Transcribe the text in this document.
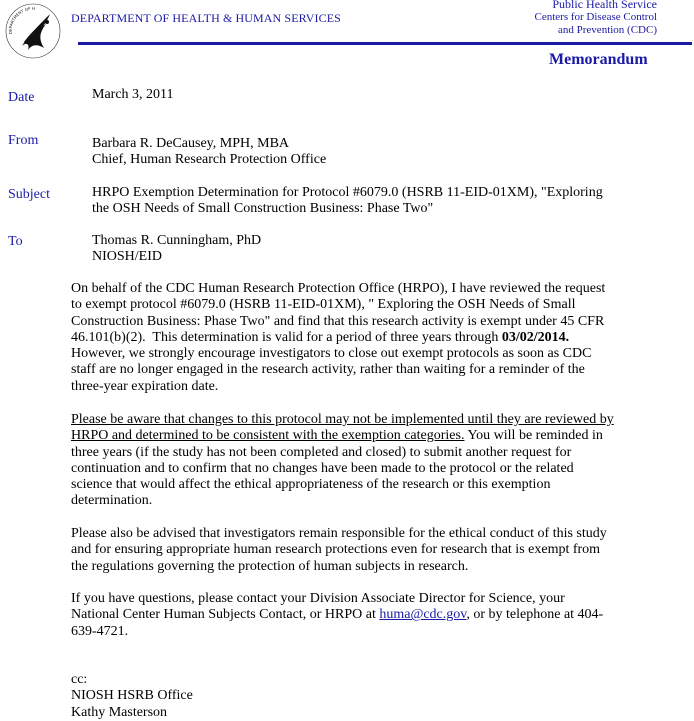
DEPARTMENT OF H
DEPARTMENT OF HEALTH & HUMAN SERVICES
Public Health Service
Centers for Disease Control
and Prevention (CDC)
Memorandum
Date	March 3, 2011
From	Barbara R. DeCausey, MPH, MBA
Chief, Human Research Protection Office
Subject	HRPO Exemption Determination for Protocol #6079.0 (HSRB 11-EID-01XM), "Exploring
the OSH Needs of Small Construction Business: Phase Two"
To	Thomas R. Cunningham, PhD
NIOSH/EID
On behalf of the CDC Human Research Protection Office (HRPO), I have reviewed the request
to exempt protocol #6079.0 (HSRB 11-EID-01XM), " Exploring the OSH Needs of Small
Construction Business: Phase Two" and find that this research activity is exempt under 45 CFR
46.101(b)(2).  This determination is valid for a period of three years through 03/02/2014.
However, we strongly encourage investigators to close out exempt protocols as soon as CDC
staff are no longer engaged in the research activity, rather than waiting for a reminder of the
three-year expiration date.
Please be aware that changes to this protocol may not be implemented until they are reviewed by
HRPO and determined to be consistent with the exemption categories. You will be reminded in
three years (if the study has not been completed and closed) to submit another request for
continuation and to confirm that no changes have been made to the protocol or the related
science that would affect the ethical appropriateness of the research or this exemption
determination.
Please also be advised that investigators remain responsible for the ethical conduct of this study
and for ensuring appropriate human research protections even for research that is exempt from
the regulations governing the protection of human subjects in research.
If you have questions, please contact your Division Associate Director for Science, your
National Center Human Subjects Contact, or HRPO at huma@cdc.gov, or by telephone at 404-
639-4721.
cc:
NIOSH HSRB Office
Kathy Masterson
